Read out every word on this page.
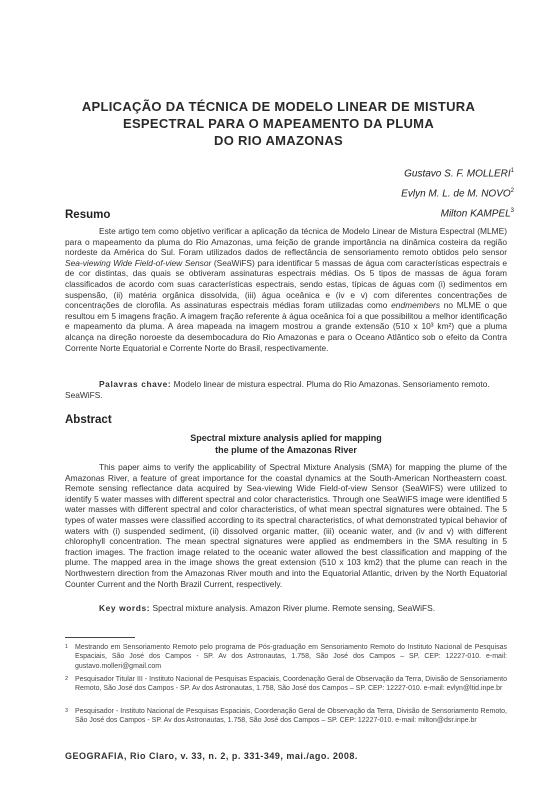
APLICAÇÃO DA TÉCNICA DE MODELO LINEAR DE MISTURA
ESPECTRAL PARA O MAPEAMENTO DA PLUMA
DO RIO AMAZONAS
Gustavo S. F. MOLLERI$^1$
Evlyn M. L. de M. NOVO$^2$
Milton KAMPEL$^3$
Resumo
Este artigo tem como objetivo verificar a aplicação da técnica de Modelo Linear de Mistura Espectral (MLME) para o mapeamento da pluma do Rio Amazonas, uma feição de grande importância na dinâmica costeira da região nordeste da América do Sul. Foram utilizados dados de reflectância de sensoriamento remoto obtidos pelo sensor Sea-viewing Wide Field-of-view Sensor (SeaWiFS) para identificar 5 massas de água com características espectrais e de cor distintas, das quais se obtiveram assinaturas espectrais médias. Os 5 tipos de massas de água foram classificados de acordo com suas características espectrais, sendo estas, típicas de águas com (i) sedimentos em suspensão, (ii) matéria orgânica dissolvida, (iii) água oceânica e (iv e v) com diferentes concentrações de concentrações de clorofila. As assinaturas espectrais médias foram utilizadas como endmembers no MLME o que resultou em 5 imagens fração. A imagem fração referente à água oceânica foi a que possibilitou a melhor identificação e mapeamento da pluma. A área mapeada na imagem mostrou a grande extensão (510 x 10³ km²) que a pluma alcança na direção noroeste da desembocadura do Rio Amazonas e para o Oceano Atlântico sob o efeito da Contra Corrente Norte Equatorial e Corrente Norte do Brasil, respectivamente.
Palavras chave: Modelo linear de mistura espectral. Pluma do Rio Amazonas. Sensoriamento remoto. SeaWiFS.
Abstract
Spectral mixture analysis aplied for mapping
the plume of the Amazonas River
This paper aims to verify the applicability of Spectral Mixture Analysis (SMA) for mapping the plume of the Amazonas River, a feature of great importance for the coastal dynamics at the South-American Northeastern coast. Remote sensing reflectance data acquired by Sea-viewing Wide Field-of-view Sensor (SeaWiFS) were utilized to identify 5 water masses with different spectral and color characteristics. Through one SeaWiFS image were identified 5 water masses with different spectral and color characteristics, of what mean spectral signatures were obtained. The 5 types of water masses were classified according to its spectral characteristics, of what demonstrated typical behavior of waters with (i) suspended sediment, (ii) dissolved organic matter, (iii) oceanic water, and (iv and v) with different chlorophyll concentration. The mean spectral signatures were applied as endmembers in the SMA resulting in 5 fraction images. The fraction image related to the oceanic water allowed the best classification and mapping of the plume. The mapped area in the image shows the great extension (510 x 103 km2) that the plume can reach in the Northwestern direction from the Amazonas River mouth and into the Equatorial Atlantic, driven by the North Equatorial Counter Current and the North Brazil Current, respectively.
Key words: Spectral mixture analysis. Amazon River plume. Remote sensing, SeaWiFS.
1 Mestrando em Sensoriamento Remoto pelo programa de Pós-graduação em Sensoriamento Remoto do Instituto Nacional de Pesquisas Espaciais, São José dos Campos - SP. Av dos Astronautas, 1.758, São José dos Campos – SP. CEP: 12227-010. e-mail: gustavo.molleri@gmail.com
2 Pesquisador Titular III - Instituto Nacional de Pesquisas Espaciais, Coordenação Geral de Observação da Terra, Divisão de Sensoriamento Remoto, São José dos Campos - SP. Av dos Astronautas, 1.758, São José dos Campos – SP. CEP: 12227-010. e-mail: evlyn@ltid.inpe.br
3 Pesquisador - Instituto Nacional de Pesquisas Espaciais, Coordenação Geral de Observação da Terra, Divisão de Sensoriamento Remoto, São José dos Campos - SP. Av dos Astronautas, 1.758, São José dos Campos – SP. CEP: 12227-010. e-mail: milton@dsr.inpe.br
GEOGRAFIA, Rio Claro, v. 33, n. 2, p. 331-349, mai./ago. 2008.
